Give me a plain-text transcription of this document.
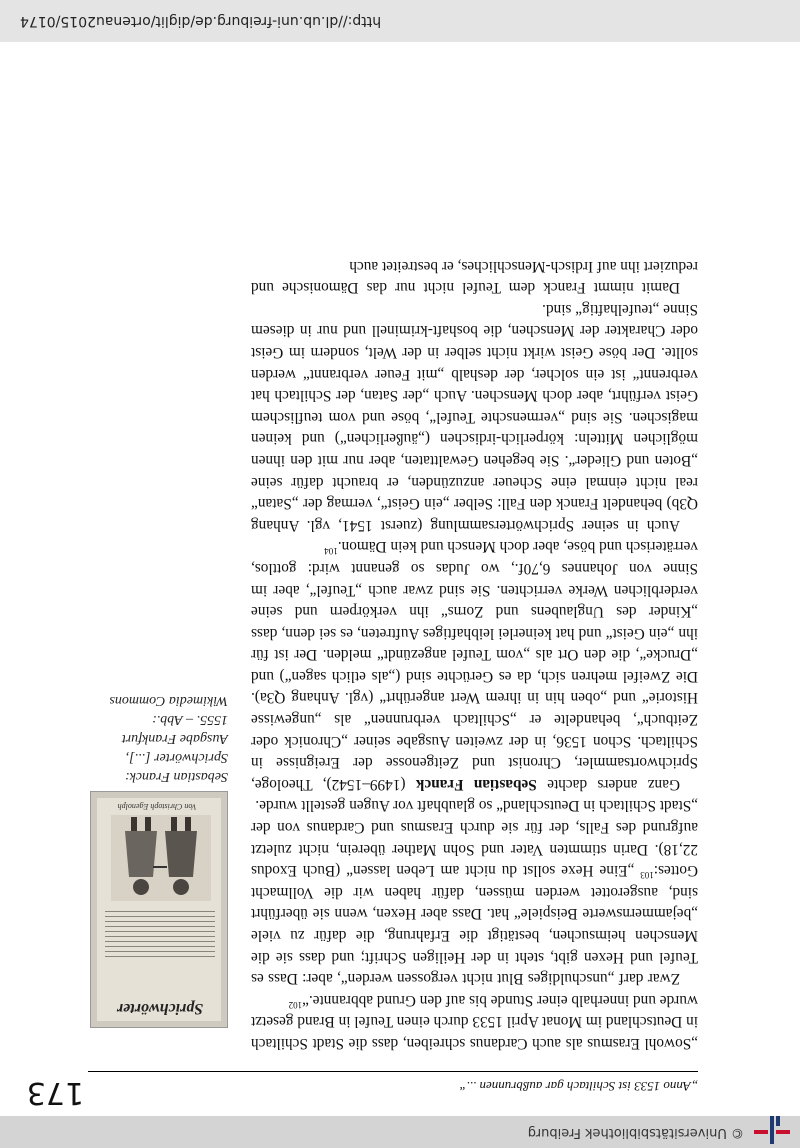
© Universitätsbibliothek Freiburg
„Anno 1533 ist Schiltach gar außbrunnen ...“
173
Sprichwörter
Von Christoph Egenolph
Sebastian Franck:
Sprichwörter [...],
Ausgabe Frankfurt
1555. – Abb.:
Wikimedia Commons

„Sowohl Erasmus als auch Cardanus schreiben, dass die Stadt Schiltach in Deutschland im Monat April 1533 durch einen Teufel in Brand gesetzt wurde und innerhalb einer Stunde bis auf den Grund abbrannte.“$^{102}$

Zwar darf „unschuldiges Blut nicht vergossen werden“, aber: Dass es Teufel und Hexen gibt, steht in der Heiligen Schrift; und dass sie die Menschen heimsuchen, bestätigt die Erfahrung, die dafür zu viele „bejammernswerte Beispiele“ hat. Dass aber Hexen, wenn sie überführt sind, ausgerottet werden müssen, dafür haben wir die Vollmacht Gottes:$^{103}$ „Eine Hexe sollst du nicht am Leben lassen“ (Buch Exodus 22,18). Darin stimmten Vater und Sohn Mather überein, nicht zuletzt aufgrund des Falls, der für sie durch Erasmus und Cardanus von der „Stadt Schiltach in Deutschland“ so glaubhaft vor Augen gestellt wurde.

Ganz anders dachte Sebastian Franck (1499–1542), Theologe, Sprichwortsammler, Chronist und Zeitgenosse der Ereignisse in Schiltach. Schon 1536, in der zweiten Ausgabe seiner „Chronick oder Zeitbuch“, behandelte er „Schiltach verbrunnen“ als „ungewisse Historie“ und „oben hin in ihrem Wert angerührt“ (vgl. Anhang Q3a). Die Zweifel mehren sich, da es Gerüchte sind („als etlich sagen“) und „Drucke“, die den Ort als „vom Teufel angezündt“ melden. Der ist für ihn „ein Geist“ und hat keinerlei leibhaftiges Auftreten, es sei denn, dass „Kinder des Unglaubens und Zorns“ ihn verkörpern und seine verderblichen Werke verrichten. Sie sind zwar auch „Teufel“, aber im Sinne von Johannes 6,70f., wo Judas so genannt wird: gottlos, verräterisch und böse, aber doch Mensch und kein Dämon.$^{104}$

Auch in seiner Sprichwörtersammlung (zuerst 1541, vgl. Anhang Q3b) behandelt Franck den Fall: Selber „ein Geist“, vermag der „Satan“ real nicht einmal eine Scheuer anzuzünden, er braucht dafür seine „Boten und Glieder“. Sie begehen Gewalttaten, aber nur mit den ihnen möglichen Mitteln: körperlich-irdischen („äußerlichen“) und keinen magischen. Sie sind „vermenschte Teufel“, böse und vom teuflischem Geist verführt, aber doch Menschen. Auch „der Satan, der Schiltach hat verbrennt“ ist ein solcher, der deshalb „mit Feuer verbrannt“ werden sollte. Der böse Geist wirkt nicht selber in der Welt, sondern im Geist oder Charakter der Menschen, die boshaft-kriminell und nur in diesem Sinne „teufelhaftig“ sind.

Damit nimmt Franck dem Teufel nicht nur das Dämonische und reduziert ihn auf Irdisch-Menschliches, er bestreitet auch

http://dl.ub.uni-freiburg.de/diglit/ortenau2015/0174
